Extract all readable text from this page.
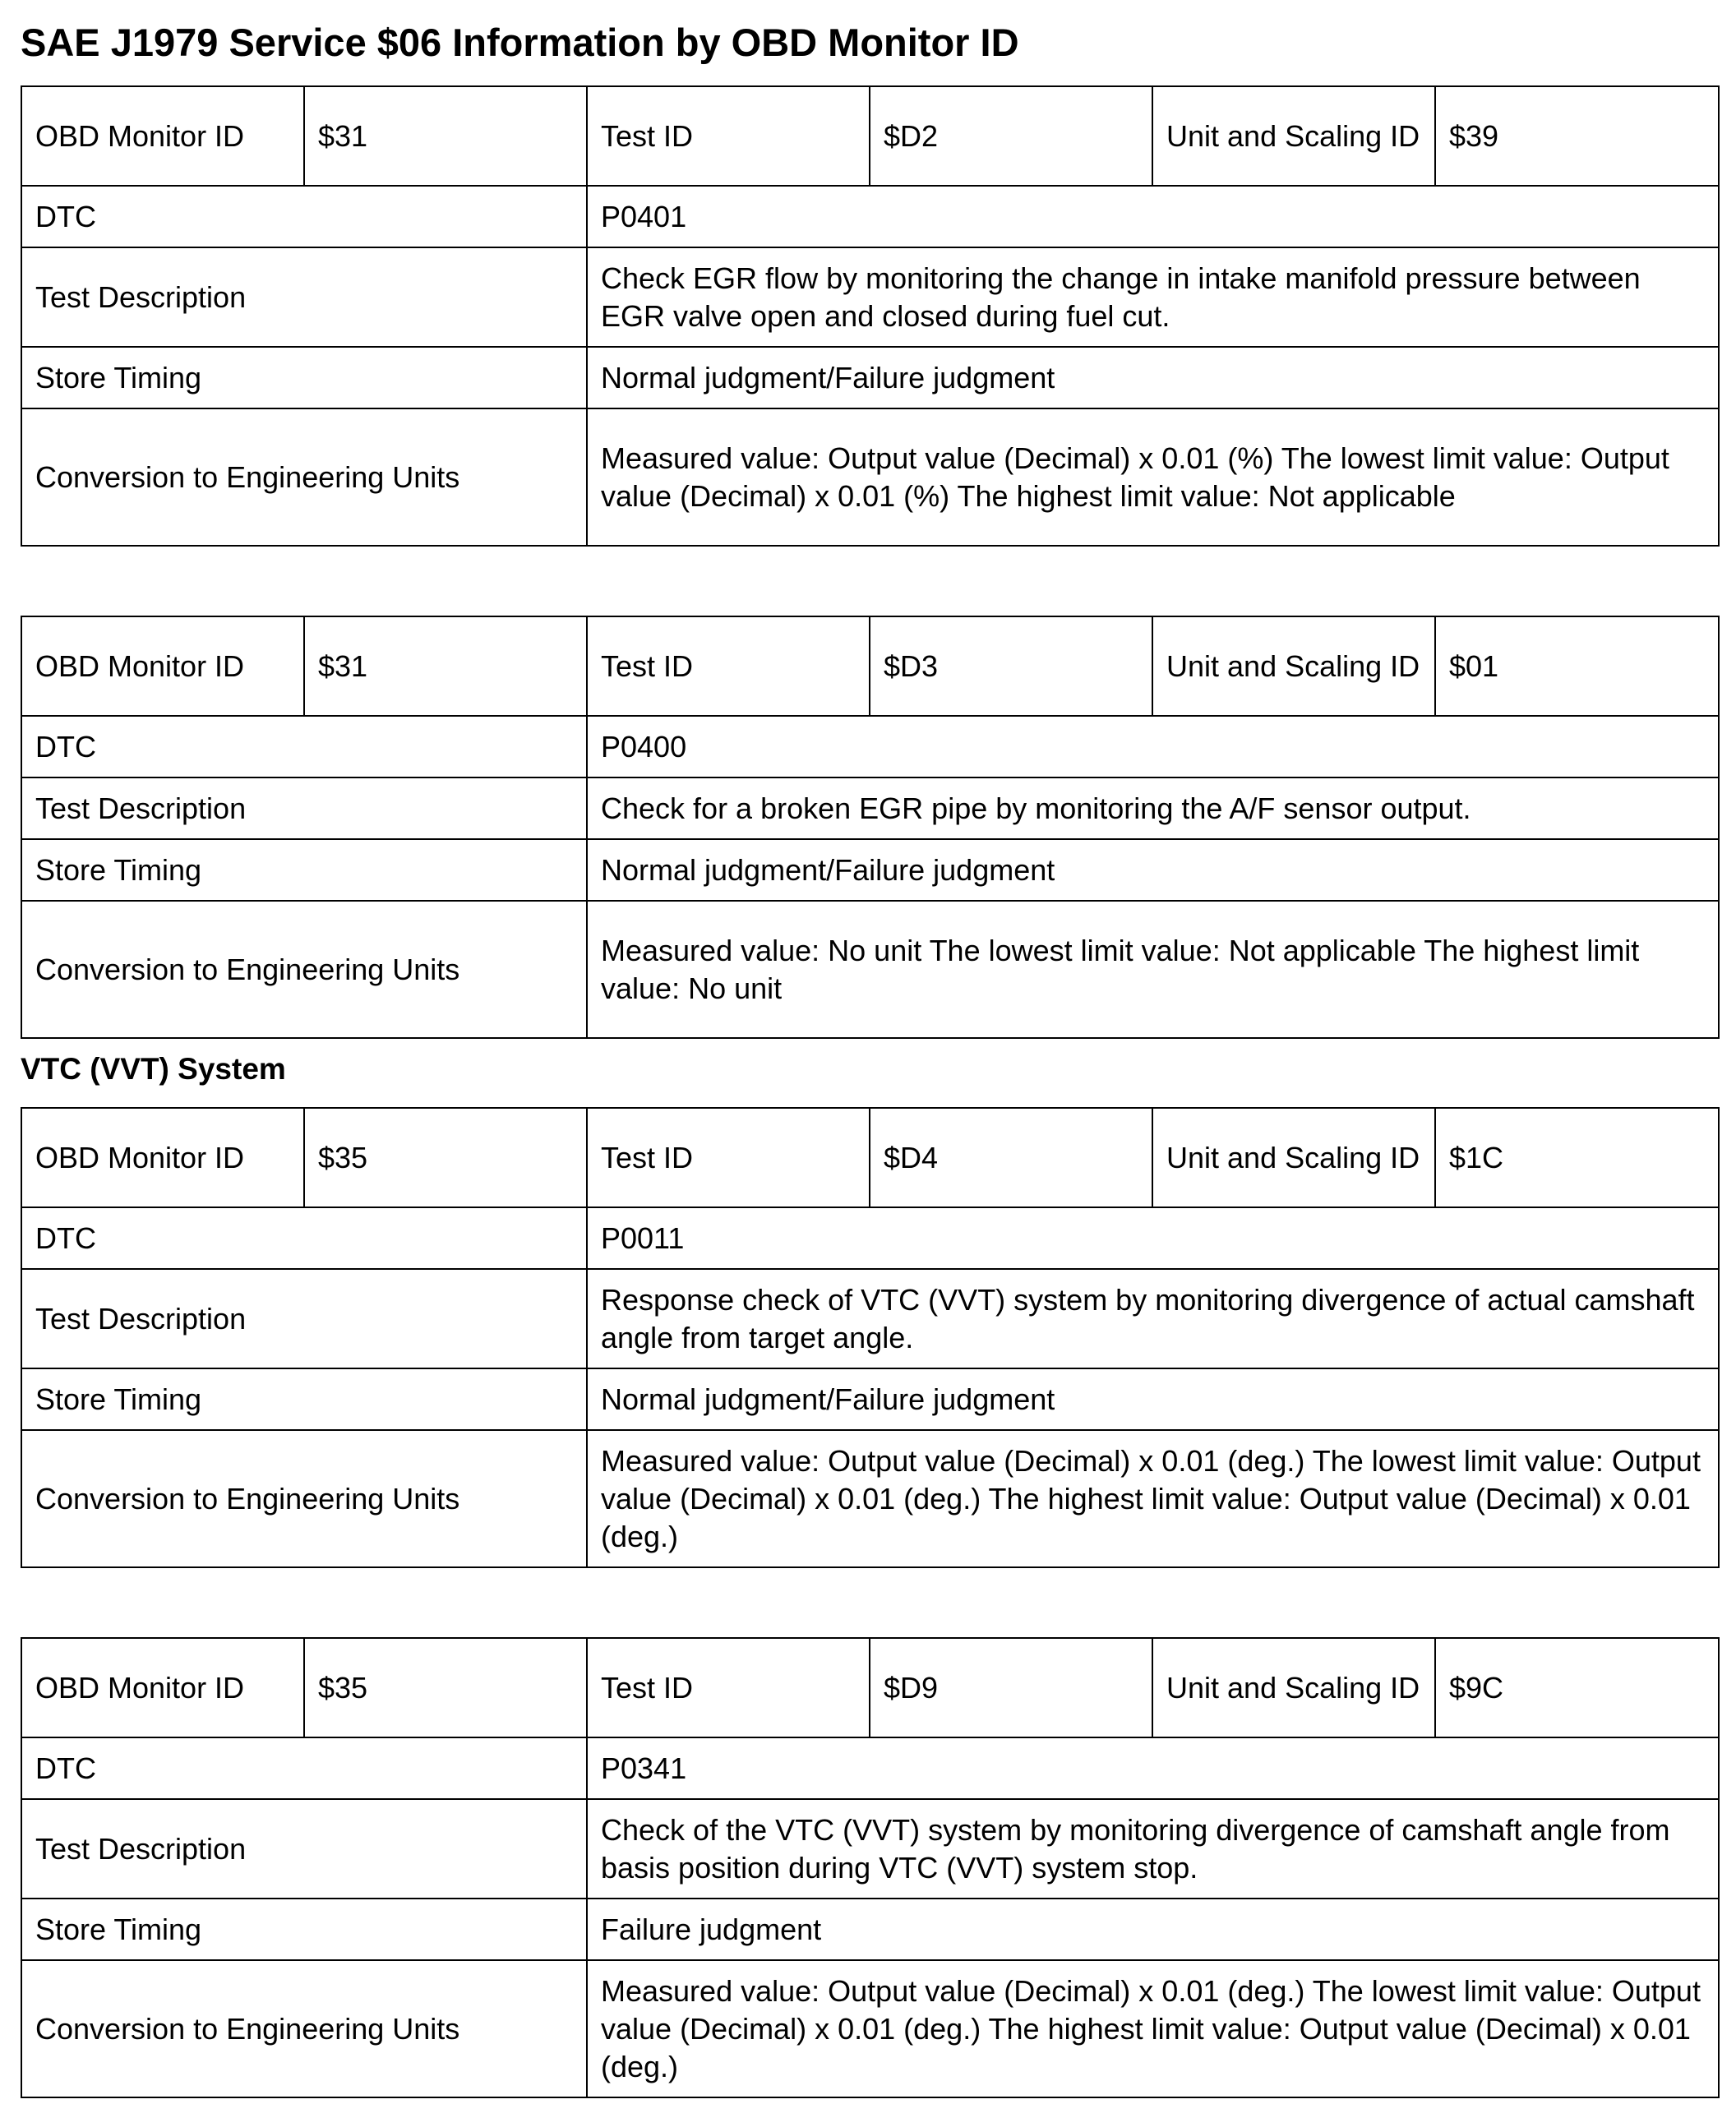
SAE J1979 Service $06 Information by OBD Monitor ID
OBD Monitor ID	$31	Test ID	$D2	Unit and Scaling ID	$39
DTC		P0401			
Test Description		Check EGR flow by monitoring the change in intake manifold pressure between EGR valve open and closed during fuel cut.			
Store Timing		Normal judgment/Failure judgment			
Conversion to Engineering Units		Measured value: Output value (Decimal) x 0.01 (%) The lowest limit value: Output value (Decimal) x 0.01 (%) The highest limit value: Not applicable			
OBD Monitor ID	$31	Test ID	$D3	Unit and Scaling ID	$01
DTC		P0400			
Test Description		Check for a broken EGR pipe by monitoring the A/F sensor output.			
Store Timing		Normal judgment/Failure judgment			
Conversion to Engineering Units		Measured value: No unit The lowest limit value: Not applicable The highest limit value: No unit			
VTC (VVT) System
OBD Monitor ID	$35	Test ID	$D4	Unit and Scaling ID	$1C
DTC		P0011			
Test Description		Response check of VTC (VVT) system by monitoring divergence of actual camshaft angle from target angle.			
Store Timing		Normal judgment/Failure judgment			
Conversion to Engineering Units		Measured value: Output value (Decimal) x 0.01 (deg.) The lowest limit value: Output value (Decimal) x 0.01 (deg.) The highest limit value: Output value (Decimal) x 0.01 (deg.)			
OBD Monitor ID	$35	Test ID	$D9	Unit and Scaling ID	$9C
DTC		P0341			
Test Description		Check of the VTC (VVT) system by monitoring divergence of camshaft angle from basis position during VTC (VVT) system stop.			
Store Timing		Failure judgment			
Conversion to Engineering Units		Measured value: Output value (Decimal) x 0.01 (deg.) The lowest limit value: Output value (Decimal) x 0.01 (deg.) The highest limit value: Output value (Decimal) x 0.01 (deg.)			
